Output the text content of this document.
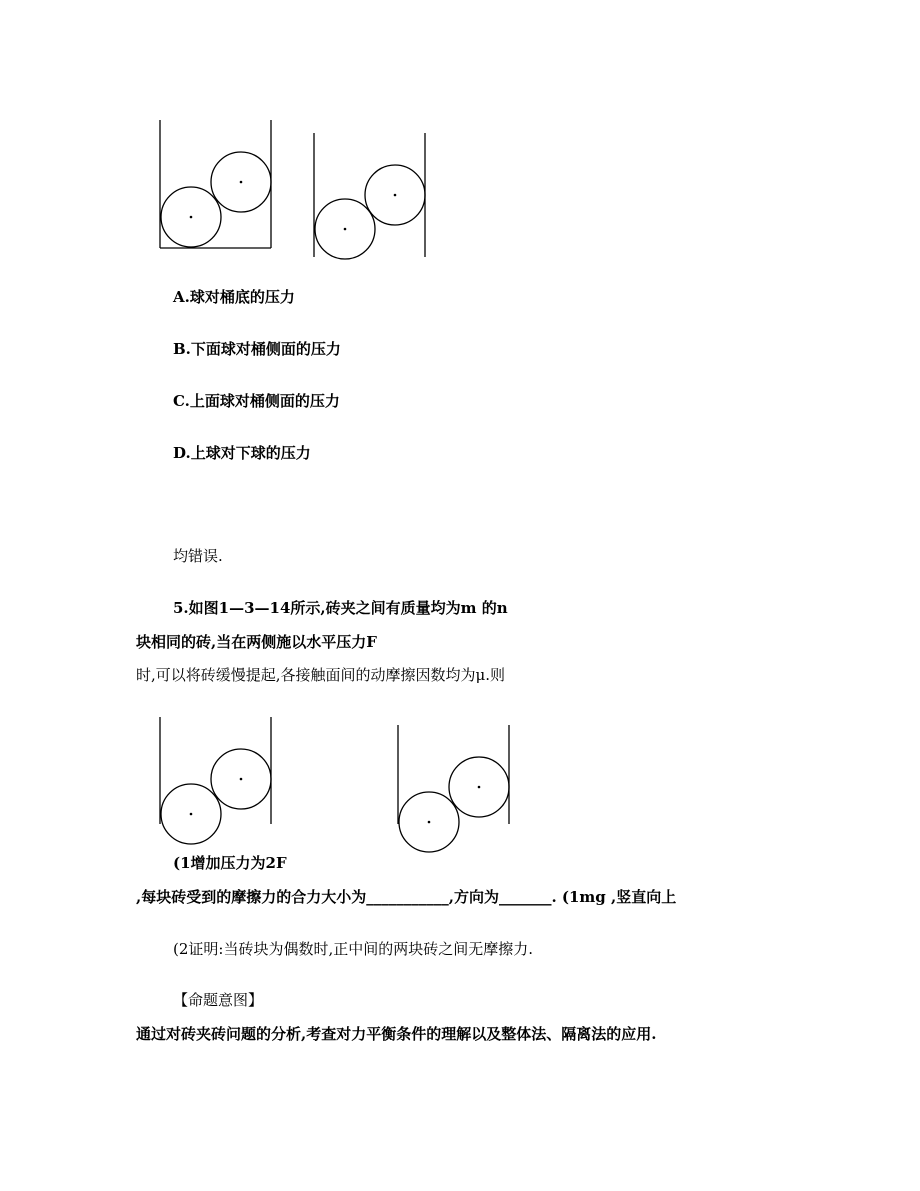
A.球对桶底的压力
B.下面球对桶侧面的压力
C.上面球对桶侧面的压力
D.上球对下球的压力
均错误.
5.如图1—3—14所示,砖夹之间有质量均为m 的n
块相同的砖,当在两侧施以水平压力F
时,可以将砖缓慢提起,各接触面间的动摩擦因数均为μ.则
(1增加压力为2F
,每块砖受到的摩擦力的合力大小为___________,方向为_______. (1mg ,竖直向上
(2证明:当砖块为偶数时,正中间的两块砖之间无摩擦力.
【命题意图】
通过对砖夹砖问题的分析,考查对力平衡条件的理解以及整体法、隔离法的应用.
